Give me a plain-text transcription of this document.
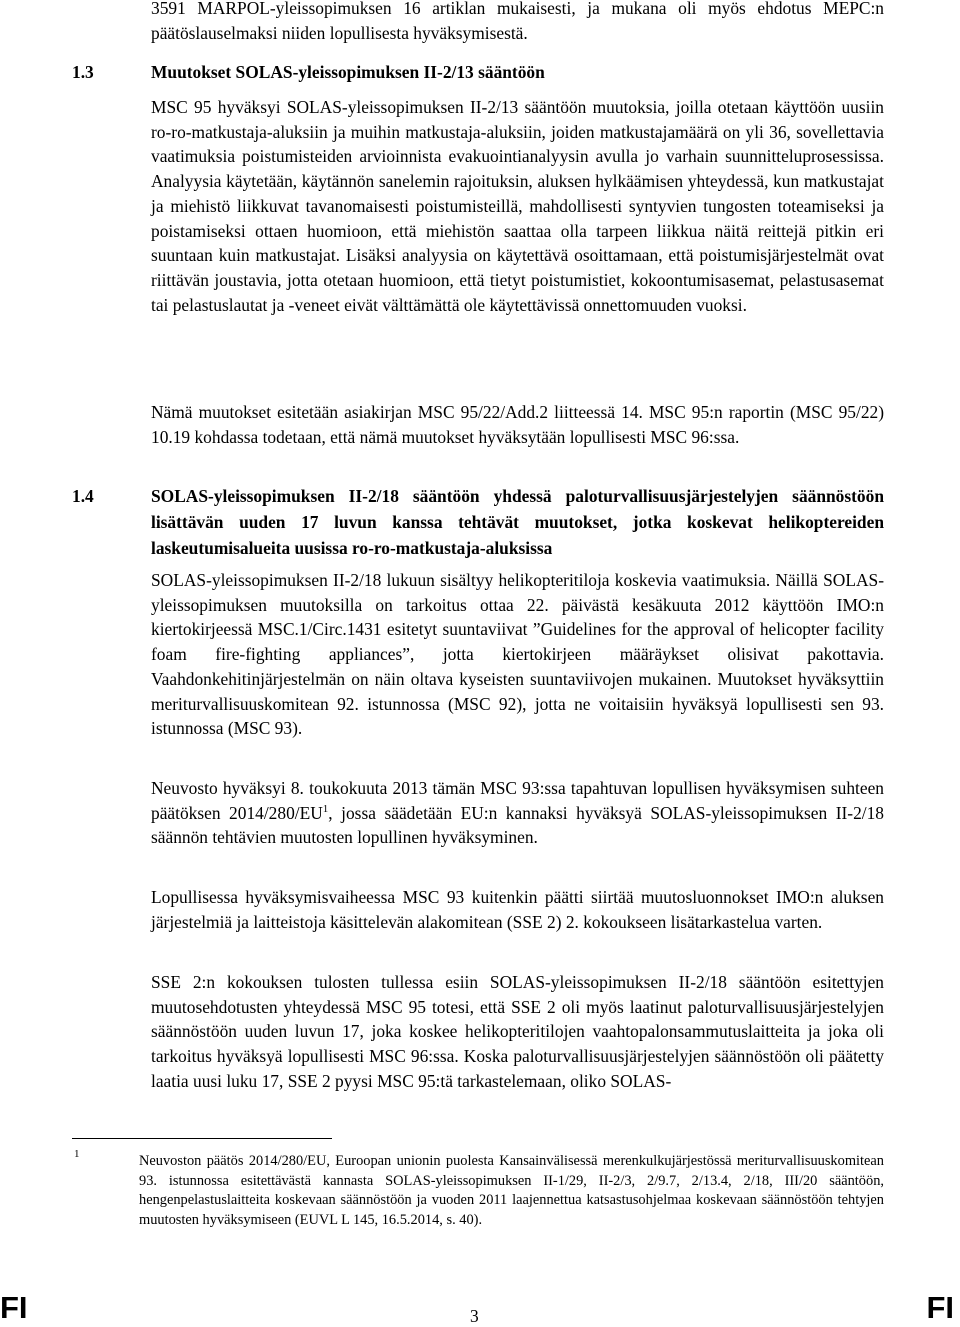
3591 MARPOL-yleissopimuksen 16 artiklan mukaisesti, ja mukana oli myös ehdotus MEPC:n päätöslauselmaksi niiden lopullisesta hyväksymisestä.

1.3	Muutokset SOLAS-yleissopimuksen II-2/13 sääntöön

MSC 95 hyväksyi SOLAS-yleissopimuksen II-2/13 sääntöön muutoksia, joilla otetaan käyttöön uusiin ro-ro-matkustaja-aluksiin ja muihin matkustaja-aluksiin, joiden matkustajamäärä on yli 36, sovellettavia vaatimuksia poistumisteiden arvioinnista evakuointianalyysin avulla jo varhain suunnitteluprosessissa. Analyysia käytetään, käytännön sanelemin rajoituksin, aluksen hylkäämisen yhteydessä, kun matkustajat ja miehistö liikkuvat tavanomaisesti poistumisteillä, mahdollisesti syntyvien tungosten toteamiseksi ja poistamiseksi ottaen huomioon, että miehistön saattaa olla tarpeen liikkua näitä reittejä pitkin eri suuntaan kuin matkustajat. Lisäksi analyysia on käytettävä osoittamaan, että poistumisjärjestelmät ovat riittävän joustavia, jotta otetaan huomioon, että tietyt poistumistiet, kokoontumisasemat, pelastusasemat tai pelastuslautat ja -veneet eivät välttämättä ole käytettävissä onnettomuuden vuoksi.

Nämä muutokset esitetään asiakirjan MSC 95/22/Add.2 liitteessä 14. MSC 95:n raportin (MSC 95/22) 10.19 kohdassa todetaan, että nämä muutokset hyväksytään lopullisesti MSC 96:ssa.

1.4	SOLAS-yleissopimuksen II-2/18 sääntöön yhdessä paloturvallisuusjärjestelyjen säännöstöön lisättävän uuden 17 luvun kanssa tehtävät muutokset, jotka koskevat helikoptereiden laskeutumisalueita uusissa ro-ro-matkustaja-aluksissa

SOLAS-yleissopimuksen II-2/18 lukuun sisältyy helikopteritiloja koskevia vaatimuksia. Näillä SOLAS-yleissopimuksen muutoksilla on tarkoitus ottaa 22. päivästä kesäkuuta 2012 käyttöön IMO:n kiertokirjeessä MSC.1/Circ.1431 esitetyt suuntaviivat ”Guidelines for the approval of helicopter facility foam fire-fighting appliances”, jotta kiertokirjeen määräykset olisivat pakottavia. Vaahdonkehitinjärjestelmän on näin oltava kyseisten suuntaviivojen mukainen. Muutokset hyväksyttiin meriturvallisuuskomitean 92. istunnossa (MSC 92), jotta ne voitaisiin hyväksyä lopullisesti sen 93. istunnossa (MSC 93).

Neuvosto hyväksyi 8. toukokuuta 2013 tämän MSC 93:ssa tapahtuvan lopullisen hyväksymisen suhteen päätöksen $2014/280/EU^1$, jossa säädetään EU:n kannaksi hyväksyä SOLAS-yleissopimuksen II-2/18 säännön tehtävien muutosten lopullinen hyväksyminen.

Lopullisessa hyväksymisvaiheessa MSC 93 kuitenkin päätti siirtää muutosluonnokset IMO:n aluksen järjestelmiä ja laitteistoja käsittelevän alakomitean (SSE 2) 2. kokoukseen lisätarkastelua varten.

SSE 2:n kokouksen tulosten tullessa esiin SOLAS-yleissopimuksen II-2/18 sääntöön esitettyjen muutosehdotusten yhteydessä MSC 95 totesi, että SSE 2 oli myös laatinut paloturvallisuusjärjestelyjen säännöstöön uuden luvun 17, joka koskee helikopteritilojen vaahtopalonsammutuslaitteita ja joka oli tarkoitus hyväksyä lopullisesti MSC 96:ssa. Koska paloturvallisuusjärjestelyjen säännöstöön oli päätetty laatia uusi luku 17, SSE 2 pyysi MSC 95:tä tarkastelemaan, oliko SOLAS-

1	Neuvoston päätös 2014/280/EU, Euroopan unionin puolesta Kansainvälisessä merenkulkujärjestössä meriturvallisuuskomitean 93. istunnossa esitettävästä kannasta SOLAS-yleissopimuksen II-1/29, II-2/3, 2/9.7, 2/13.4, 2/18, III/20 sääntöön, hengenpelastuslaitteita koskevaan säännöstöön ja vuoden 2011 laajennettua katsastusohjelmaa koskevaan säännöstöön tehtyjen muutosten hyväksymiseen (EUVL L 145, 16.5.2014, s. 40).

FI	3	FI
